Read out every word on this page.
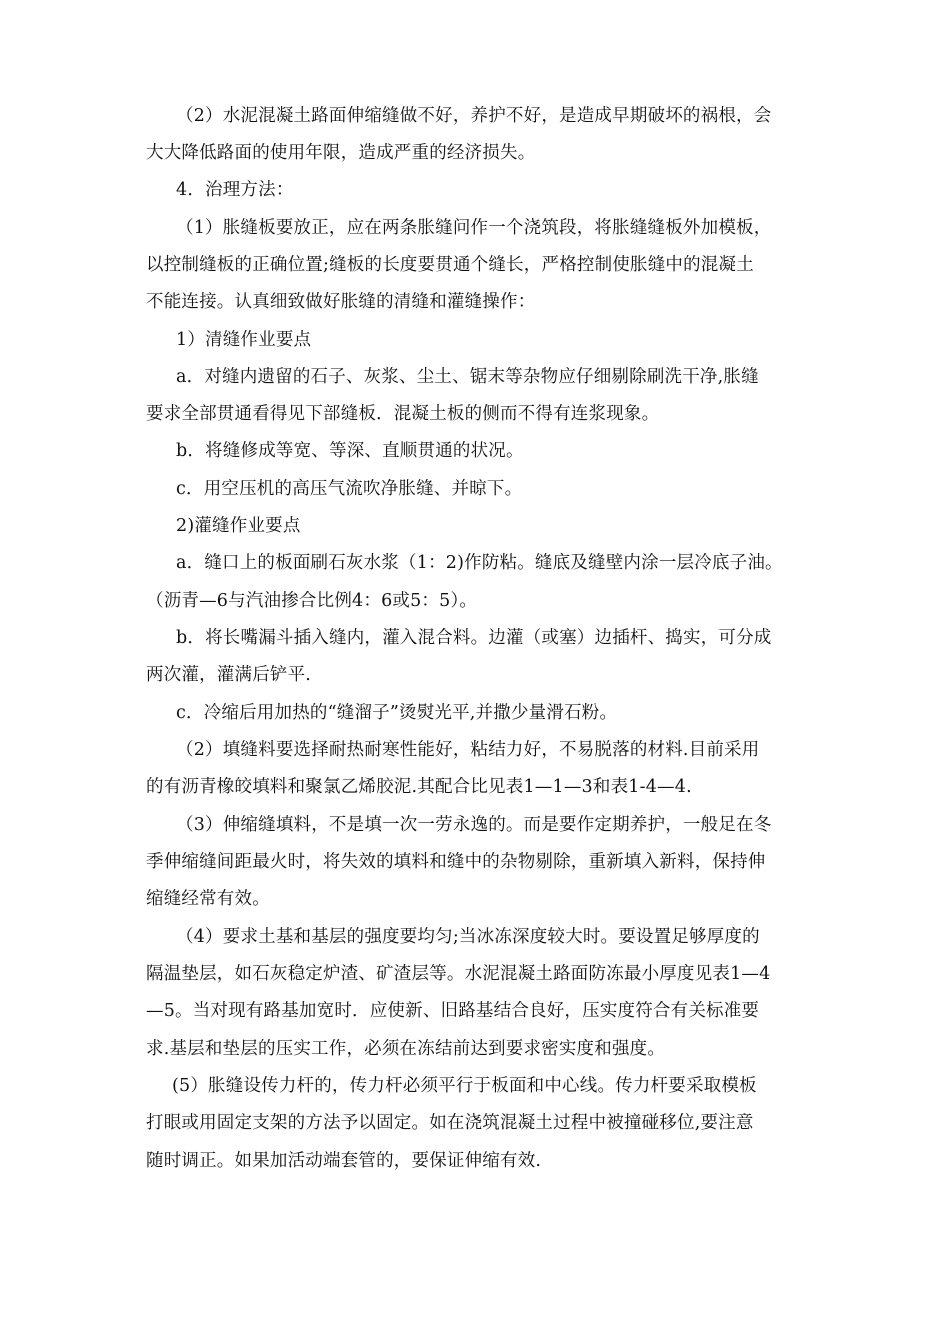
（2）水泥混凝土路面伸缩缝做不好，养护不好，是造成早期破坏的祸根，会
大大降低路面的使用年限，造成严重的经济损失。
4．治理方法：
（1）胀缝板要放正，应在两条胀缝问作一个浇筑段，将胀缝缝板外加模板，
以控制缝板的正确位置;缝板的长度要贯通个缝长，严格控制使胀缝中的混凝土
不能连接。认真细致做好胀缝的清缝和灌缝操作：
1）清缝作业要点
a．对缝内遗留的石子、灰浆、尘土、锯末等杂物应仔细剔除刷洗干净,胀缝
要求全部贯通看得见下部缝板．混凝土板的侧而不得有连浆现象。
b．将缝修成等宽、等深、直顺贯通的状况。
c．用空压机的高压气流吹净胀缝、并晾下。
2)灌缝作业要点
a．缝口上的板面刷石灰水浆（1：2)作防粘。缝底及缝壁内涂一层冷底子油。
（沥青—6与汽油掺合比例4：6或5：5）。
b．将长嘴漏斗插入缝内，灌入混合料。边灌（或塞）边插杆、捣实，可分成
两次灌，灌满后铲平.
c．冷缩后用加热的“缝溜子”烫熨光平,并撒少量滑石粉。
（2）填缝料要选择耐热耐寒性能好，粘结力好，不易脱落的材料.目前采用
的有沥青橡皎填料和聚氯乙烯胶泥.其配合比见表1—1—3和表1-4—4.
（3）伸缩缝填料，不是填一次一劳永逸的。而是要作定期养护，一般足在冬
季伸缩缝间距最火时，将失效的填料和缝中的杂物剔除，重新填入新料，保持伸
缩缝经常有效。
（4）要求土基和基层的强度要均匀;当冰冻深度较大时。要设置足够厚度的
隔温垫层，如石灰稳定炉渣、矿渣层等。水泥混凝土路面防冻最小厚度见表1—4
—5。当对现有路基加宽时．应使新、旧路基结合良好，压实度符合有关标准要
求.基层和垫层的压实工作，必须在冻结前达到要求密实度和强度。
(5）胀缝设传力杆的，传力杆必须平行于板面和中心线。传力杆要采取模板
打眼或用固定支架的方法予以固定。如在浇筑混凝土过程中被撞碰移位,要注意
随时调正。如果加活动端套管的，要保证伸缩有效.
